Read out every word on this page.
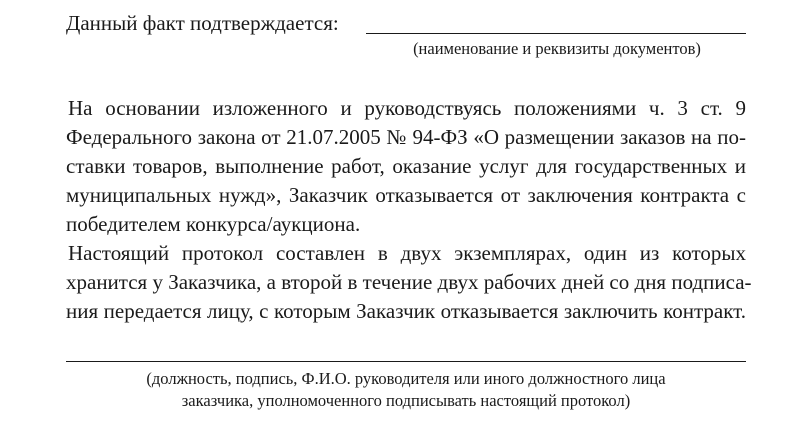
Данный факт подтверждается:
(наименование и реквизиты документов)

На основании изложенного и руководствуясь положениями ч. 3 ст. 9
Федерального закона от 21.07.2005 № 94-ФЗ «О размещении заказов на по-
ставки товаров, выполнение работ, оказание услуг для государственных и
муниципальных нужд», Заказчик отказывается от заключения контракта с
победителем конкурса/аукциона.

Настоящий протокол составлен в двух экземплярах, один из которых
хранится у Заказчика, а второй в течение двух рабочих дней со дня подписа-
ния передается лицу, с которым Заказчик отказывается заключить контракт.

(должность, подпись, Ф.И.О. руководителя или иного должностного лица
заказчика, уполномоченного подписывать настоящий протокол)
